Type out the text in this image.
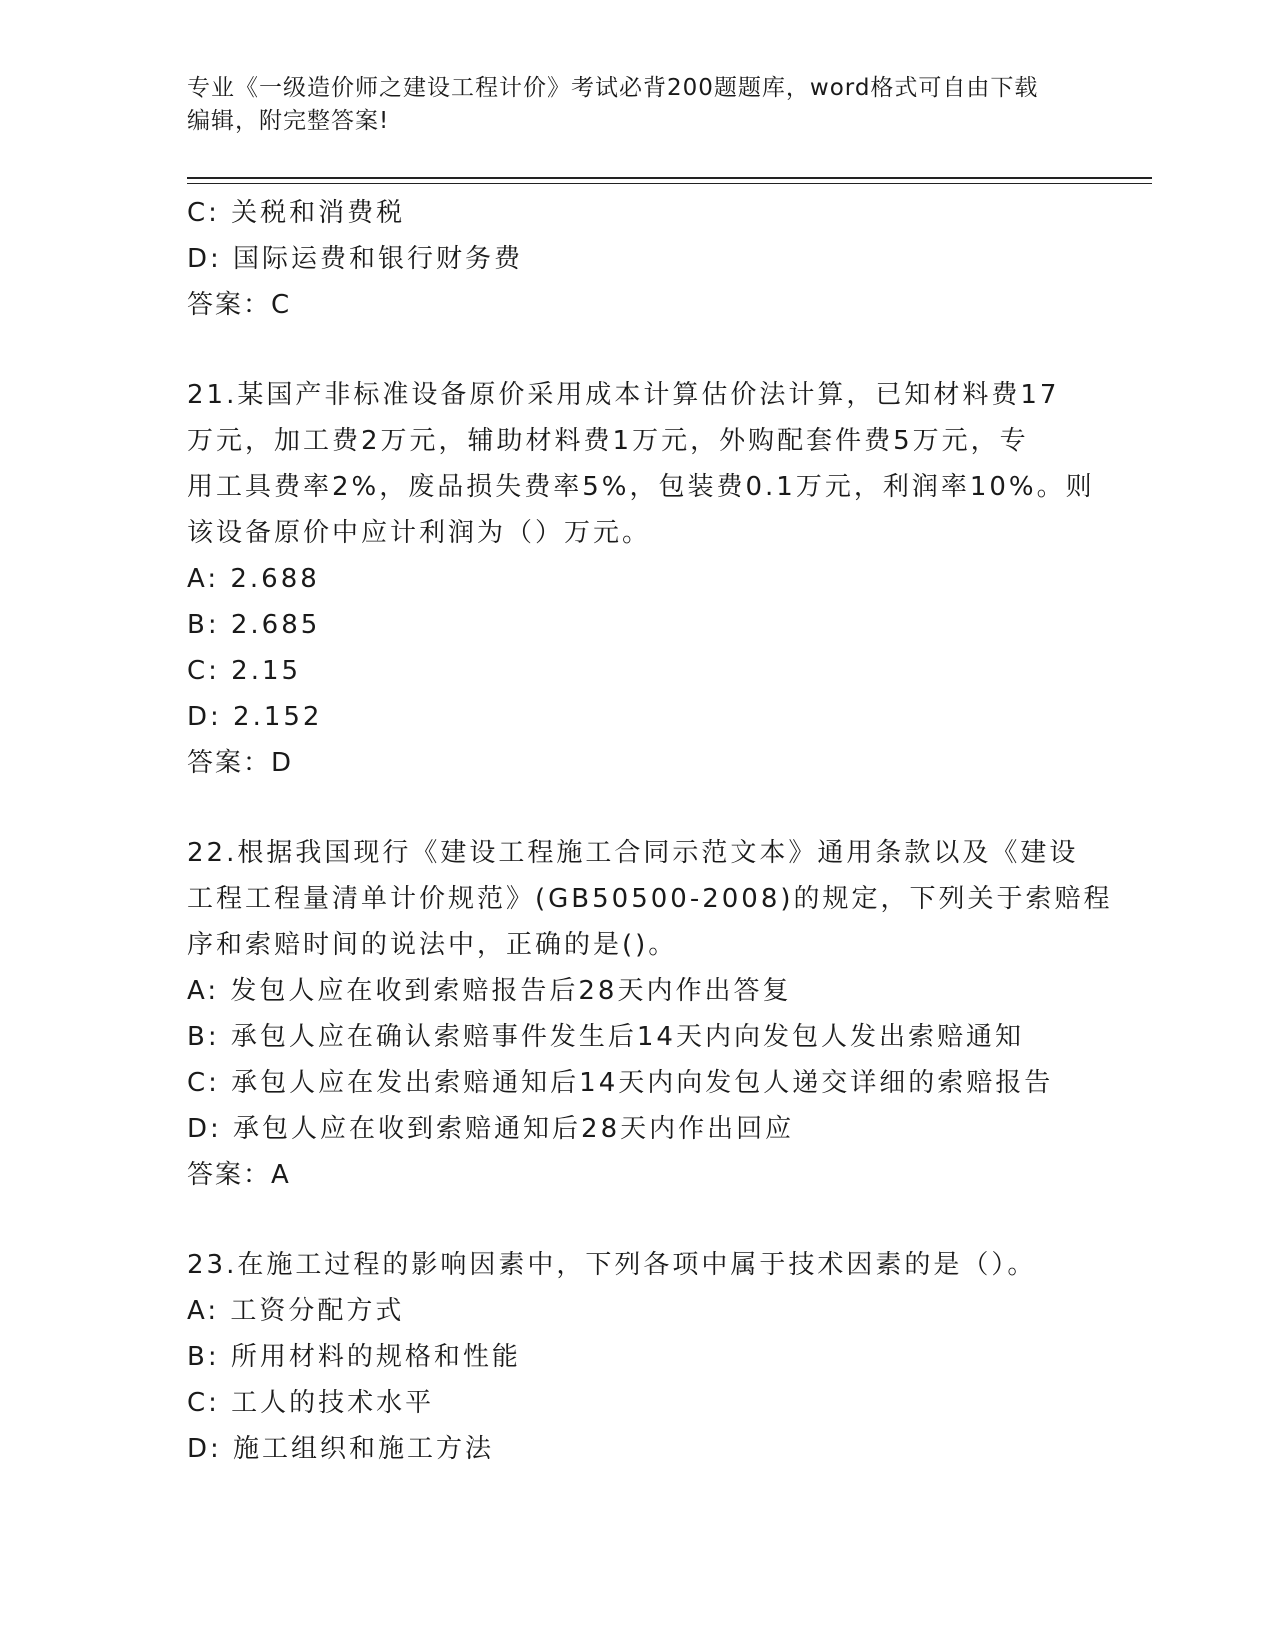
专业《一级造价师之建设工程计价》考试必背200题题库，word格式可自由下载
编辑，附完整答案!
C: 关税和消费税
D: 国际运费和银行财务费
答案：C
21.某国产非标准设备原价采用成本计算估价法计算，已知材料费17
万元，加工费2万元，辅助材料费1万元，外购配套件费5万元，专
用工具费率2%，废品损失费率5%，包装费0.1万元，利润率10%。则
该设备原价中应计利润为（）万元。
A: 2.688
B: 2.685
C: 2.15
D: 2.152
答案：D
22.根据我国现行《建设工程施工合同示范文本》通用条款以及《建设
工程工程量清单计价规范》(GB50500-2008)的规定，下列关于索赔程
序和索赔时间的说法中，正确的是()。
A: 发包人应在收到索赔报告后28天内作出答复
B: 承包人应在确认索赔事件发生后14天内向发包人发出索赔通知
C: 承包人应在发出索赔通知后14天内向发包人递交详细的索赔报告
D: 承包人应在收到索赔通知后28天内作出回应
答案：A
23.在施工过程的影响因素中，下列各项中属于技术因素的是（）。
A: 工资分配方式
B: 所用材料的规格和性能
C: 工人的技术水平
D: 施工组织和施工方法
